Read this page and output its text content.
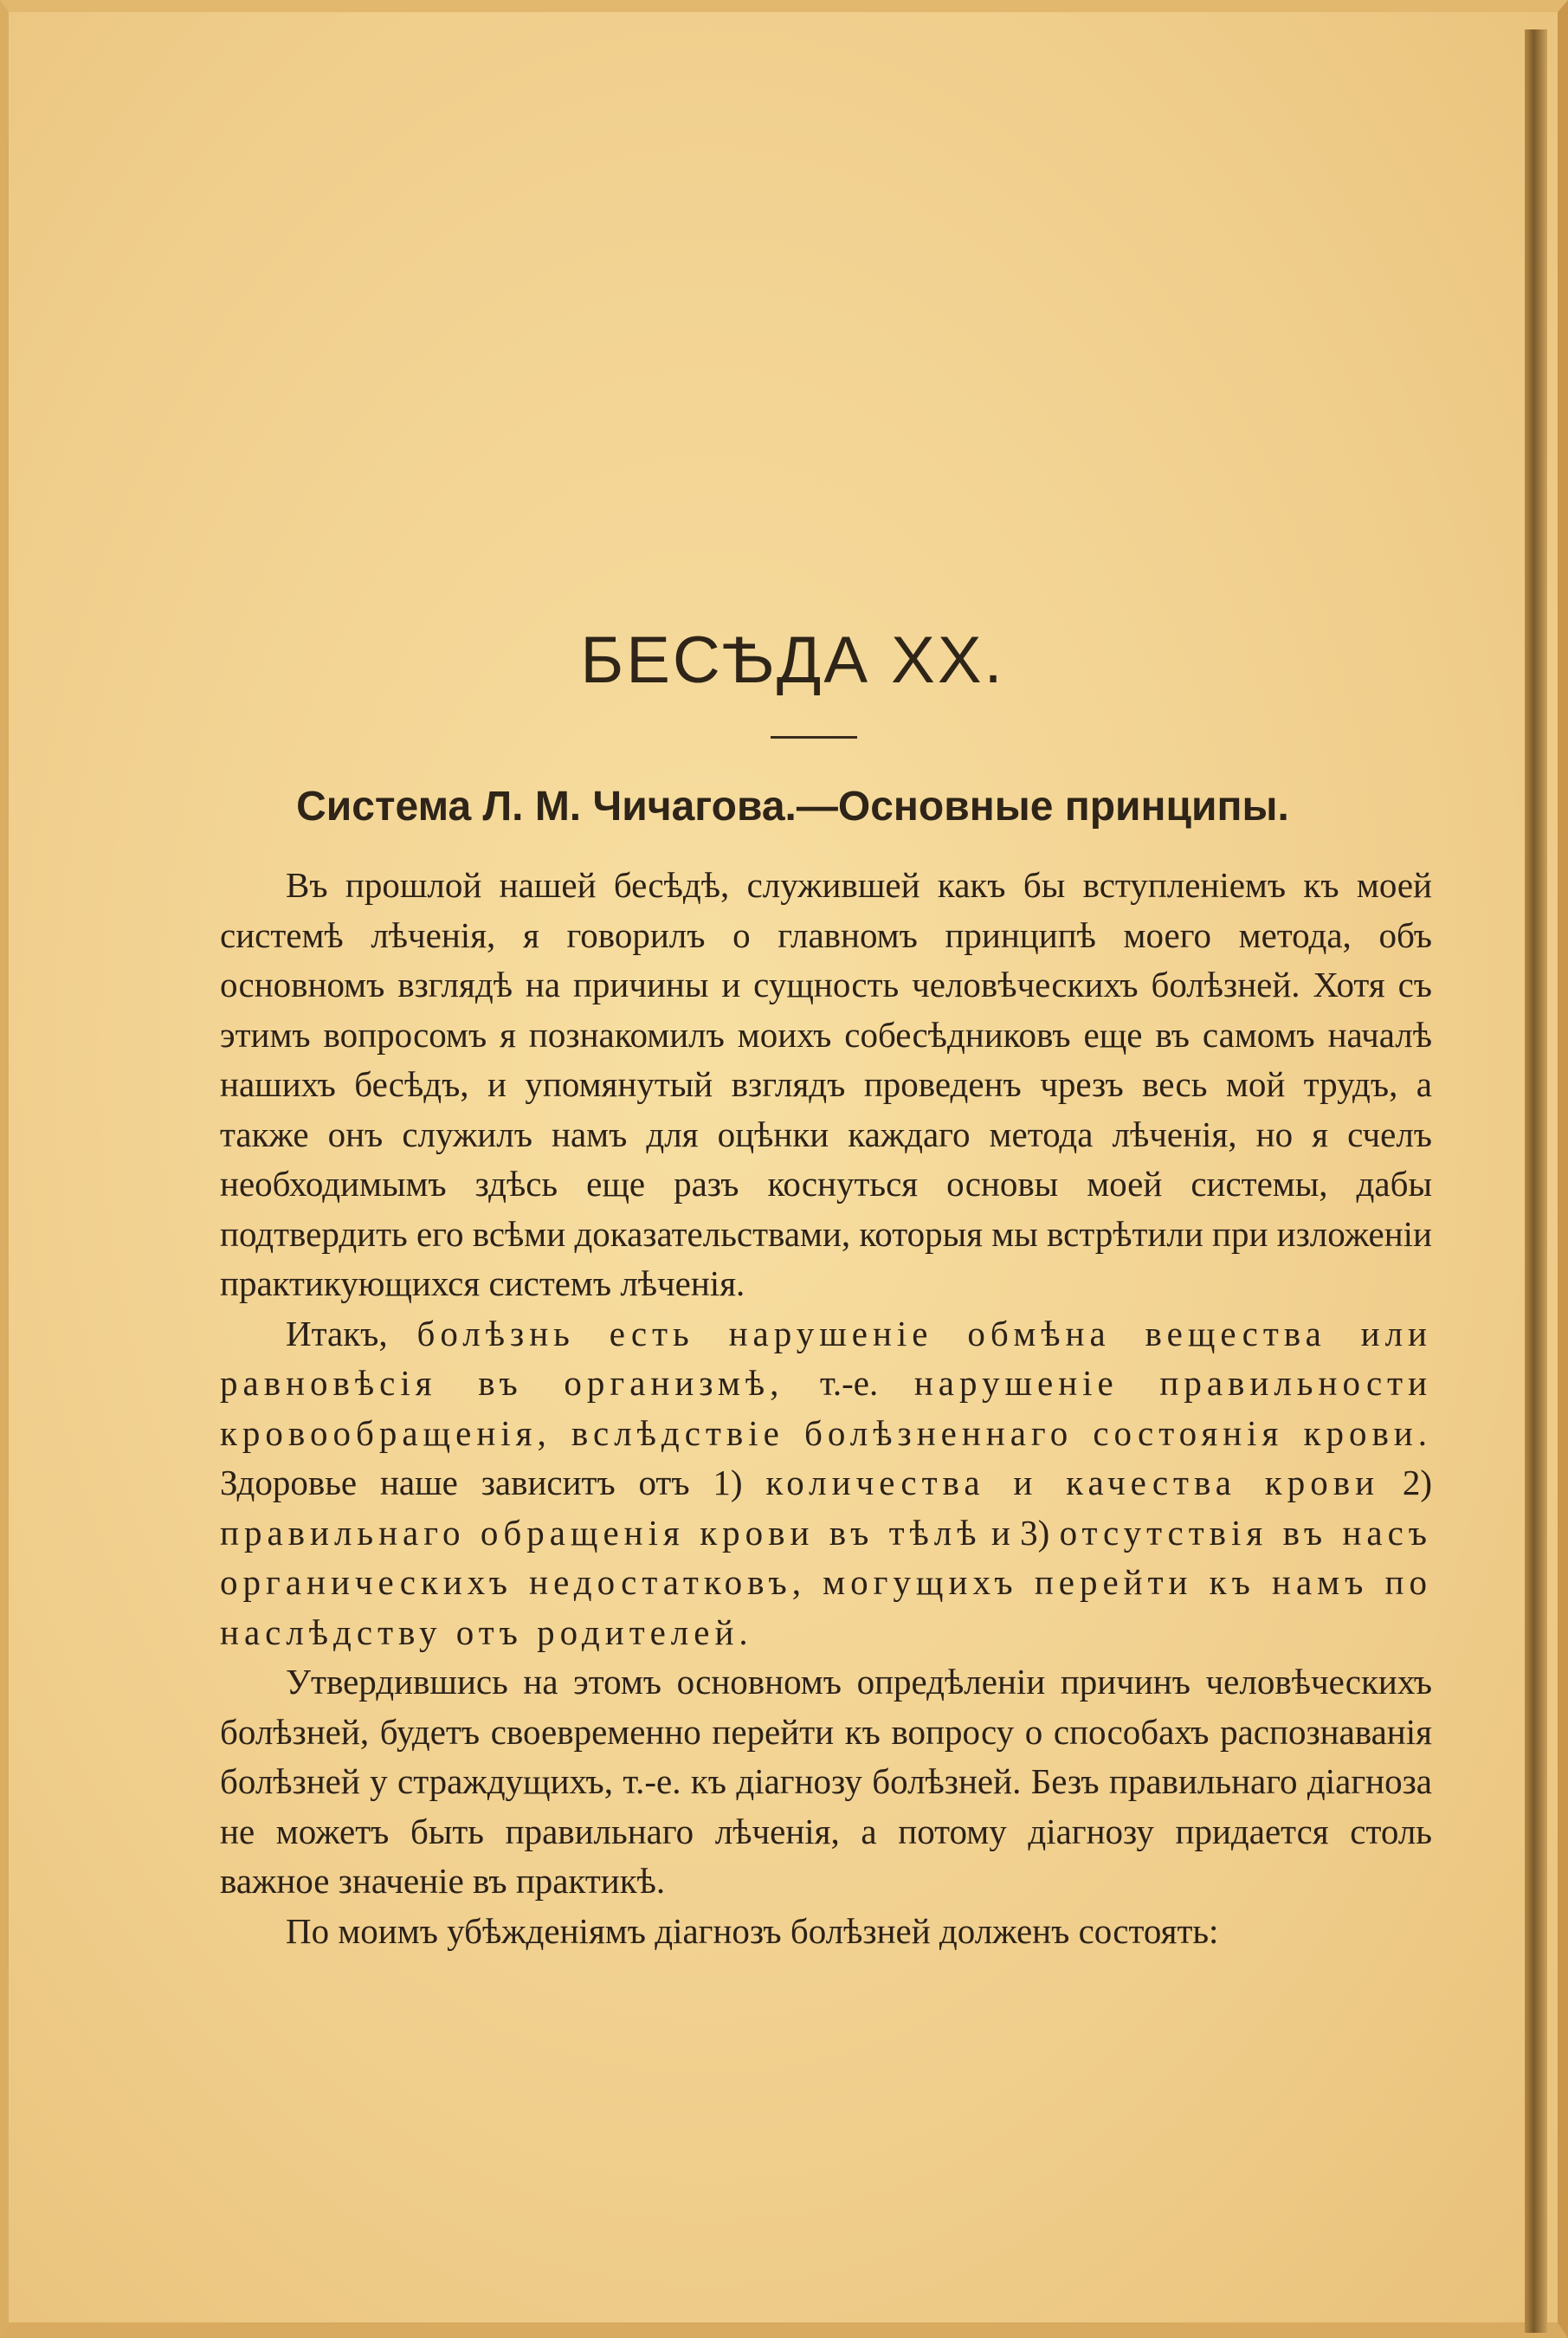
БЕСѢДА XX.
Система Л. М. Чичагова.—Основные принципы.

Въ прошлой нашей бесѣдѣ, служившей какъ бы вступленіемъ къ моей системѣ лѣченія, я говорилъ о главномъ принципѣ моего метода, объ основномъ взглядѣ на причины и сущность человѣческихъ болѣзней. Хотя съ этимъ вопросомъ я познакомилъ моихъ собесѣдниковъ еще въ самомъ началѣ нашихъ бесѣдъ, и упомянутый взглядъ проведенъ чрезъ весь мой трудъ, а также онъ служилъ намъ для оцѣнки каждаго метода лѣченія, но я счелъ необходимымъ здѣсь еще разъ коснуться основы моей системы, дабы подтвердить его всѣми доказательствами, которыя мы встрѣтили при изложеніи практикующихся системъ лѣченія.

Итакъ, болѣзнь есть нарушеніе обмѣна вещества или равновѣсія въ организмѣ, т.-е. нарушеніе правильности кровообращенія, вслѣдствіе болѣзненнаго состоянія крови. Здоровье наше зависитъ отъ 1) количества и качества крови 2) правильнаго обращенія крови въ тѣлѣ и 3) отсутствія въ насъ органическихъ недостатковъ, могущихъ перейти къ намъ по наслѣдству отъ родителей.

Утвердившись на этомъ основномъ опредѣленіи причинъ человѣческихъ болѣзней, будетъ своевременно перейти къ вопросу о способахъ распознаванія болѣзней у страждущихъ, т.-е. къ діагнозу болѣзней. Безъ правильнаго діагноза не можетъ быть правильнаго лѣченія, а потому діагнозу придается столь важное значеніе въ практикѣ.

По моимъ убѣжденіямъ діагнозъ болѣзней долженъ состоять:
